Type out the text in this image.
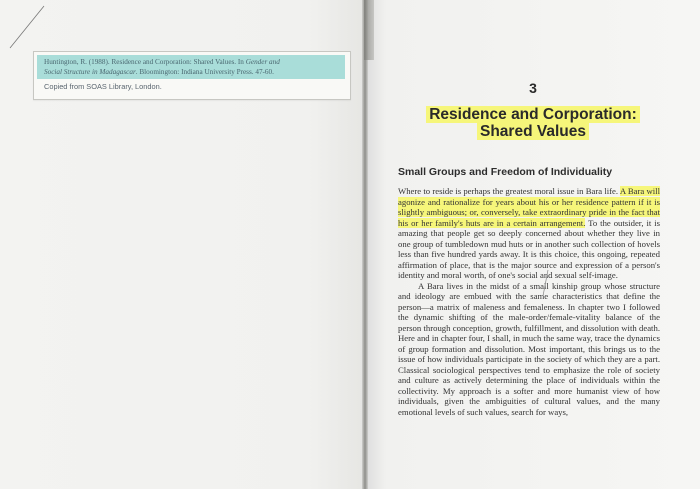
Huntington, R. (1988). Residence and Corporation: Shared Values. In Gender and
Social Structure in Madagascar. Bloomington: Indiana University Press. 47-60.
Copied from SOAS Library, London.	3
Residence and Corporation:
Shared Values
Small Groups and Freedom of Individuality

Where to reside is perhaps the greatest moral issue in Bara life. A Bara will agonize and rationalize for years about his or her residence pattern if it is slightly ambiguous; or, conversely, take extraordinary pride in the fact that his or her family's huts are in a certain arrangement. To the outsider, it is amazing that people get so deeply concerned about whether they live in one group of tumbledown mud huts or in another such collection of hovels less than five hundred yards away. It is this choice, this ongoing, repeated affirmation of place, that is the major source and expression of a person's identity and moral worth, of one's social and sexual self-image.

A Bara lives in the midst of a small kinship group whose structure and ideology are embued with the same characteristics that define the person—a matrix of maleness and femaleness. In chapter two I followed the dynamic shifting of the male-order/female-vitality balance of the person through conception, growth, fulfillment, and dissolution with death. Here and in chapter four, I shall, in much the same way, trace the dynamics of group formation and dissolution. Most important, this brings us to the issue of how individuals participate in the society of which they are a part. Classical sociological perspectives tend to emphasize the role of society and culture as actively determining the place of individuals within the collectivity. My approach is a softer and more humanist view of how individuals, given the ambiguities of cultural values, and the many emotional levels of such values, search for ways,
